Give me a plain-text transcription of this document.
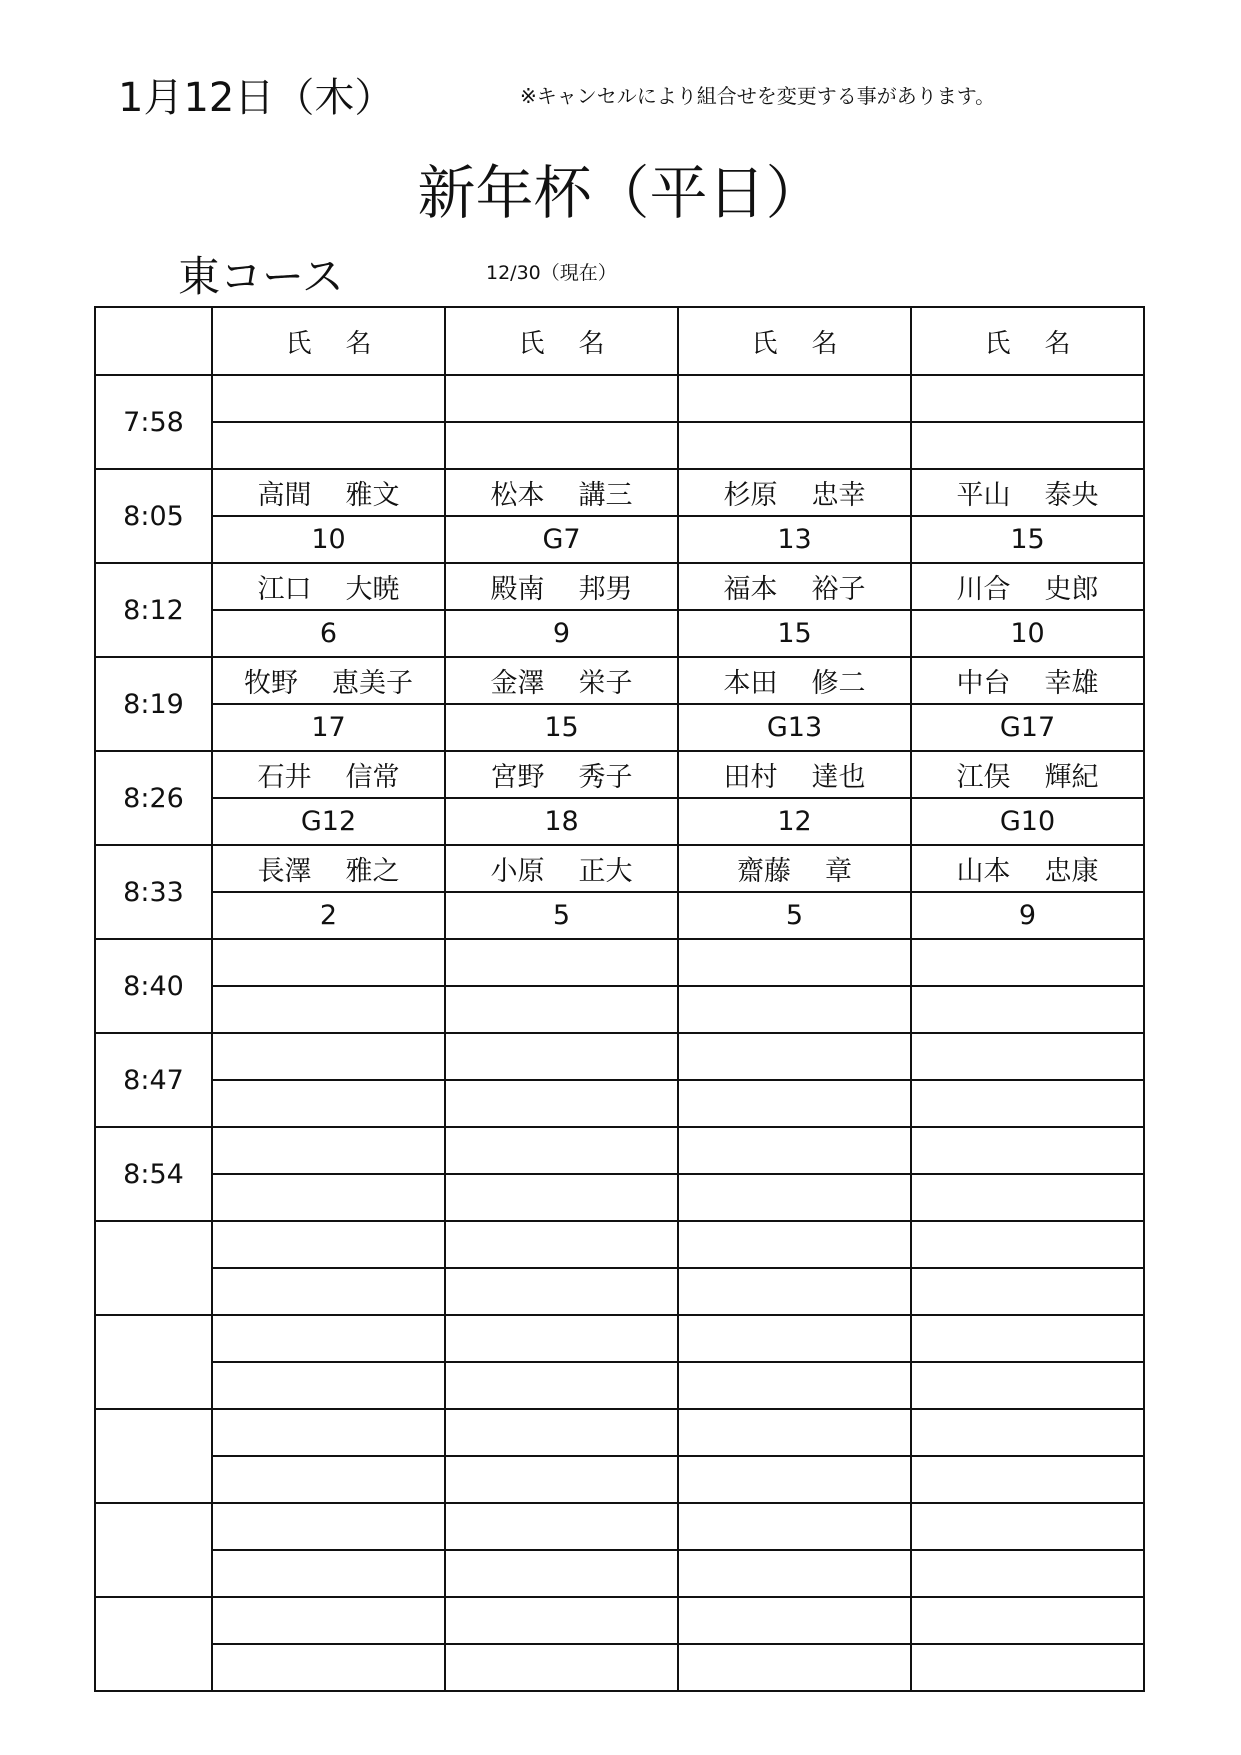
1月12日（木）	※キャンセルにより組合せを変更する事があります。
新年杯（平日）
東コース	12/30（現在）
	氏 名	氏 名	氏 名	氏 名
7:58				

8:05	高間 雅文	松本 講三	杉原 忠幸	平山 泰央
	10	G7	13	15
8:12	江口 大暁	殿南 邦男	福本 裕子	川合 史郎
	6	9	15	10
8:19	牧野 恵美子	金澤 栄子	本田 修二	中台 幸雄
	17	15	G13	G17
8:26	石井 信常	宮野 秀子	田村 達也	江俣 輝紀
	G12	18	12	G10
8:33	長澤 雅之	小原 正大	齋藤 章	山本 忠康
	2	5	5	9
8:40				

8:47				

8:54				
